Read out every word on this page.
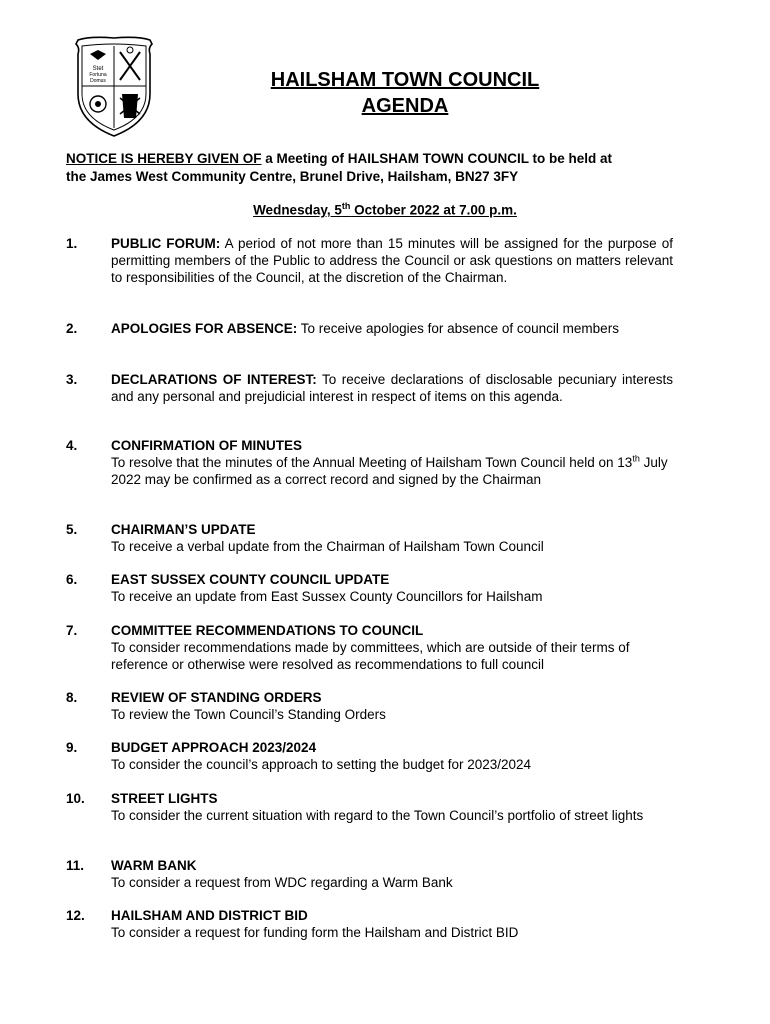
Stet
Fortuna
Domus	HAILSHAM TOWN COUNCIL
AGENDA
NOTICE IS HEREBY GIVEN OF a Meeting of HAILSHAM TOWN COUNCIL to be held at
the James West Community Centre, Brunel Drive, Hailsham, BN27 3FY
Wednesday, 5th October 2022 at 7.00 p.m.
1.	PUBLIC FORUM: A period of not more than 15 minutes will be assigned for the purpose of permitting members of the Public to address the Council or ask questions on matters relevant to responsibilities of the Council, at the discretion of the Chairman.
2.	APOLOGIES FOR ABSENCE: To receive apologies for absence of council members
3.	DECLARATIONS OF INTEREST: To receive declarations of disclosable pecuniary interests and any personal and prejudicial interest in respect of items on this agenda.
4.	CONFIRMATION OF MINUTES
To resolve that the minutes of the Annual Meeting of Hailsham Town Council held on 13th July 2022 may be confirmed as a correct record and signed by the Chairman
5.	CHAIRMAN’S UPDATE
To receive a verbal update from the Chairman of Hailsham Town Council
6.	EAST SUSSEX COUNTY COUNCIL UPDATE
To receive an update from East Sussex County Councillors for Hailsham
7.	COMMITTEE RECOMMENDATIONS TO COUNCIL
To consider recommendations made by committees, which are outside of their terms of reference or otherwise were resolved as recommendations to full council
8.	REVIEW OF STANDING ORDERS
To review the Town Council’s Standing Orders
9.	BUDGET APPROACH 2023/2024
To consider the council’s approach to setting the budget for 2023/2024
10.	STREET LIGHTS
To consider the current situation with regard to the Town Council’s portfolio of street lights
11.	WARM BANK
To consider a request from WDC regarding a Warm Bank
12.	HAILSHAM AND DISTRICT BID
To consider a request for funding form the Hailsham and District BID
